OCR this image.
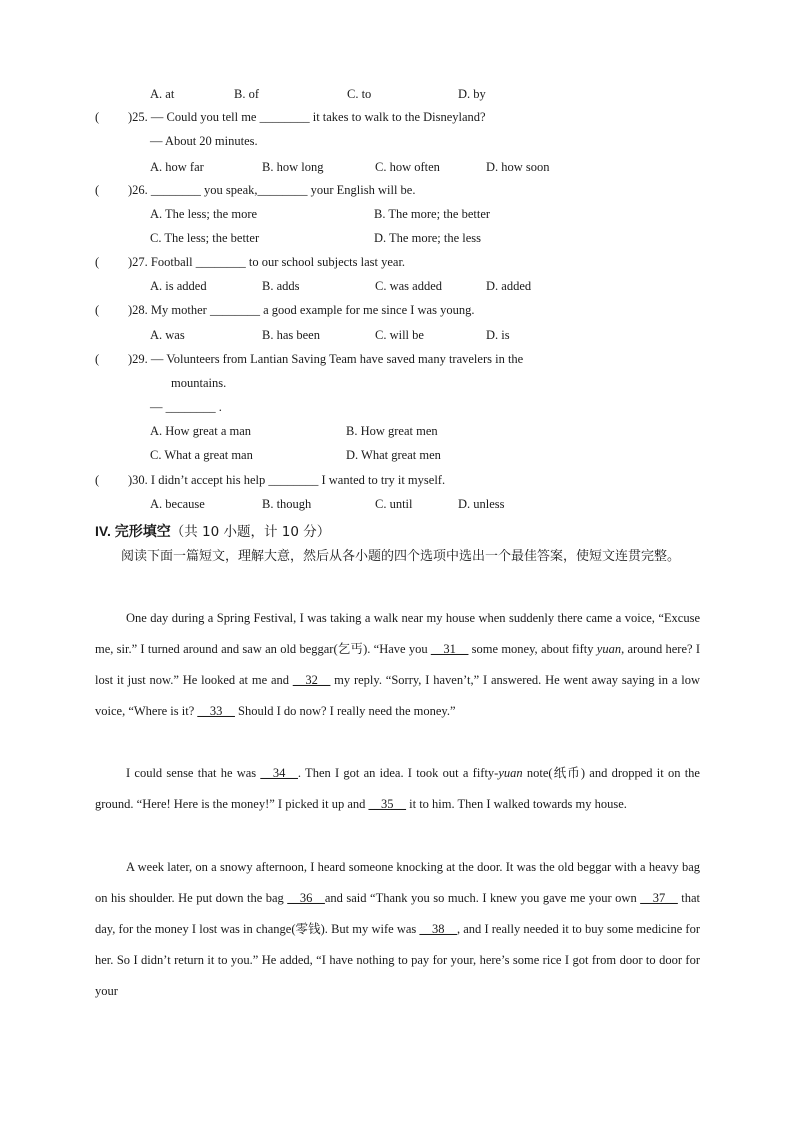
A. at	B. of	C. to	D. by
( )25. — Could you tell me ________ it takes to walk to the Disneyland?
— About 20 minutes.
A. how far	B. how long	C. how often	D. how soon
( )26. ________ you speak,________ your English will be.
A. The less; the more	B. The more; the better
C. The less; the better	D. The more; the less
( )27. Football ________ to our school subjects last year.
A. is added	B. adds	C. was added	D. added
( )28. My mother ________ a good example for me since I was young.
A. was	B. has been	C. will be	D. is
( )29. — Volunteers from Lantian Saving Team have saved many travelers in the
mountains.
— ________ .
A. How great a man	B. How great men
C. What a great man	D. What great men
( )30. I didn’t accept his help ________ I wanted to try it myself.
A. because	B. though	C. until	D. unless
IV. 完形填空（共 10 小题，计 10 分）
阅读下面一篇短文，理解大意，然后从各小题的四个选项中选出一个最佳答案，使短文连贯完整。
One day during a Spring Festival, I was taking a walk near my house when suddenly there came a voice, “Excuse me, sir.” I turned around and saw an old beggar(乞丐). “Have you __31__ some money, about fifty yuan, around here? I lost it just now.” He looked at me and __32__ my reply. “Sorry, I haven’t,” I answered. He went away saying in a low voice, “Where is it? __33__ Should I do now? I really need the money.”
I could sense that he was __34__. Then I got an idea. I took out a fifty-yuan note(纸币) and dropped it on the ground. “Here! Here is the money!” I picked it up and __35__ it to him. Then I walked towards my house.
A week later, on a snowy afternoon, I heard someone knocking at the door. It was the old beggar with a heavy bag on his shoulder. He put down the bag __36__and said “Thank you so much. I knew you gave me your own __37__ that day, for the money I lost was in change(零钱). But my wife was __38__, and I really needed it to buy some medicine for her. So I didn’t return it to you.” He added, “I have nothing to pay for your, here’s some rice I got from door to door for your
